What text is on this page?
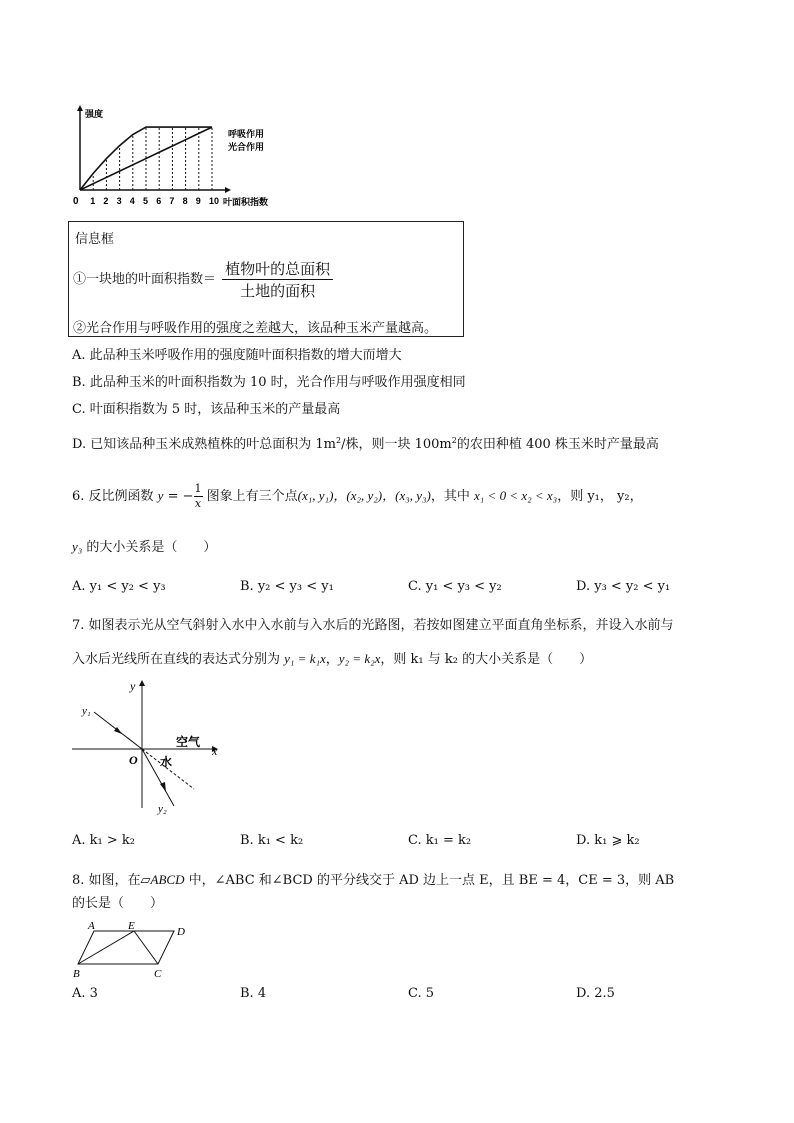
0 1 2 3 4 5 6 7 8 9 10 叶面积指数
强度
呼吸作用
光合作用
信息框
①一块地的叶面积指数＝ $\frac{\text{植物叶的总面积}}{\text{土地的面积}}$
②光合作用与呼吸作用的强度之差越大，该品种玉米产量越高。
A. 此品种玉米呼吸作用的强度随叶面积指数的增大而增大
B. 此品种玉米的叶面积指数为 10 时，光合作用与呼吸作用强度相同
C. 叶面积指数为 5 时，该品种玉米的产量最高
D. 已知该品种玉米成熟植株的叶总面积为 $1m^2/$株，则一块 $100m^2$的农田种植 400 株玉米时产量最高
6. 反比例函数 y = − $\frac{1}{x}$ 图象上有三个点(x₁, y₁)，(x₂, y₂)，(x₃, y₃)，其中 x₁ < 0 < x₂ < x₃，则 y₁， y₂，
y₃ 的大小关系是（　　）
A. y₁ < y₂ < y₃	B. y₂ < y₃ < y₁	C. y₁ < y₃ < y₂	D. y₃ < y₂ < y₁
7. 如图表示光从空气斜射入水中入水前与入水后的光路图，若按如图建立平面直角坐标系，并设入水前与
入水后光线所在直线的表达式分别为 y₁ = k₁x，y₂ = k₂x，则 k₁ 与 k₂ 的大小关系是（　　）
y
x
O
y₁
y₂
空气
水
A. k₁ > k₂	B. k₁ < k₂	C. k₁ = k₂	D. k₁ ⩾ k₂
8. 如图，在▱ABCD 中，∠ABC 和∠BCD 的平分线交于 AD 边上一点 E，且 BE = 4，CE = 3，则 AB
的长是（　　）
A	E	D
B	C
A. 3	B. 4	C. 5	D. 2.5
